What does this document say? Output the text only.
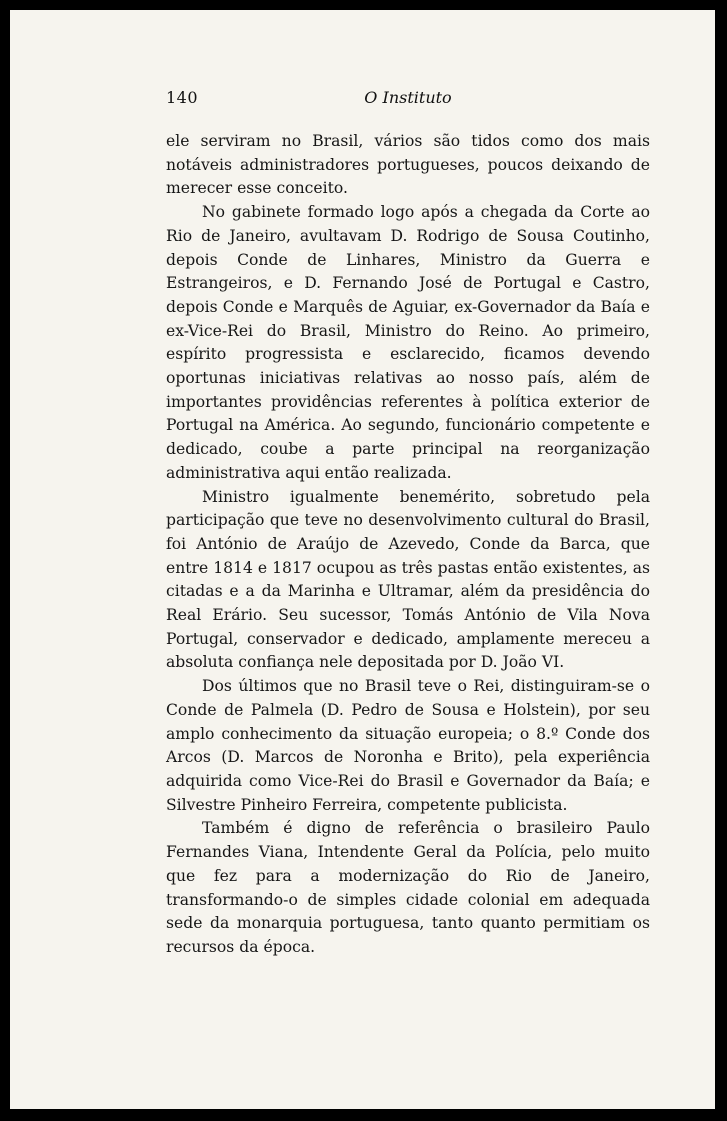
140	O Instituto

ele serviram no Brasil, vários são tidos como dos mais notáveis administradores portugueses, poucos deixando de merecer esse conceito.

No gabinete formado logo após a chegada da Corte ao Rio de Janeiro, avultavam D. Rodrigo de Sousa Coutinho, depois Conde de Linhares, Ministro da Guerra e Estrangeiros, e D. Fernando José de Portugal e Castro, depois Conde e Marquês de Aguiar, ex-Governador da Baía e ex-Vice-Rei do Brasil, Ministro do Reino. Ao primeiro, espírito progressista e esclarecido, ficamos devendo oportunas iniciativas relativas ao nosso país, além de importantes providências referentes à política exterior de Portugal na América. Ao segundo, funcionário competente e dedicado, coube a parte principal na reorganização administrativa aqui então realizada.

Ministro igualmente benemérito, sobretudo pela participação que teve no desenvolvimento cultural do Brasil, foi António de Araújo de Azevedo, Conde da Barca, que entre 1814 e 1817 ocupou as três pastas então existentes, as citadas e a da Marinha e Ultramar, além da presidência do Real Erário. Seu sucessor, Tomás António de Vila Nova Portugal, conservador e dedicado, amplamente mereceu a absoluta confiança nele depositada por D. João VI.

Dos últimos que no Brasil teve o Rei, distinguiram-se o Conde de Palmela (D. Pedro de Sousa e Holstein), por seu amplo conhecimento da situação europeia; o 8.º Conde dos Arcos (D. Marcos de Noronha e Brito), pela experiência adquirida como Vice-Rei do Brasil e Governador da Baía; e Silvestre Pinheiro Ferreira, competente publicista.

Também é digno de referência o brasileiro Paulo Fernandes Viana, Intendente Geral da Polícia, pelo muito que fez para a modernização do Rio de Janeiro, transformando-o de simples cidade colonial em adequada sede da monarquia portuguesa, tanto quanto permitiam os recursos da época.
